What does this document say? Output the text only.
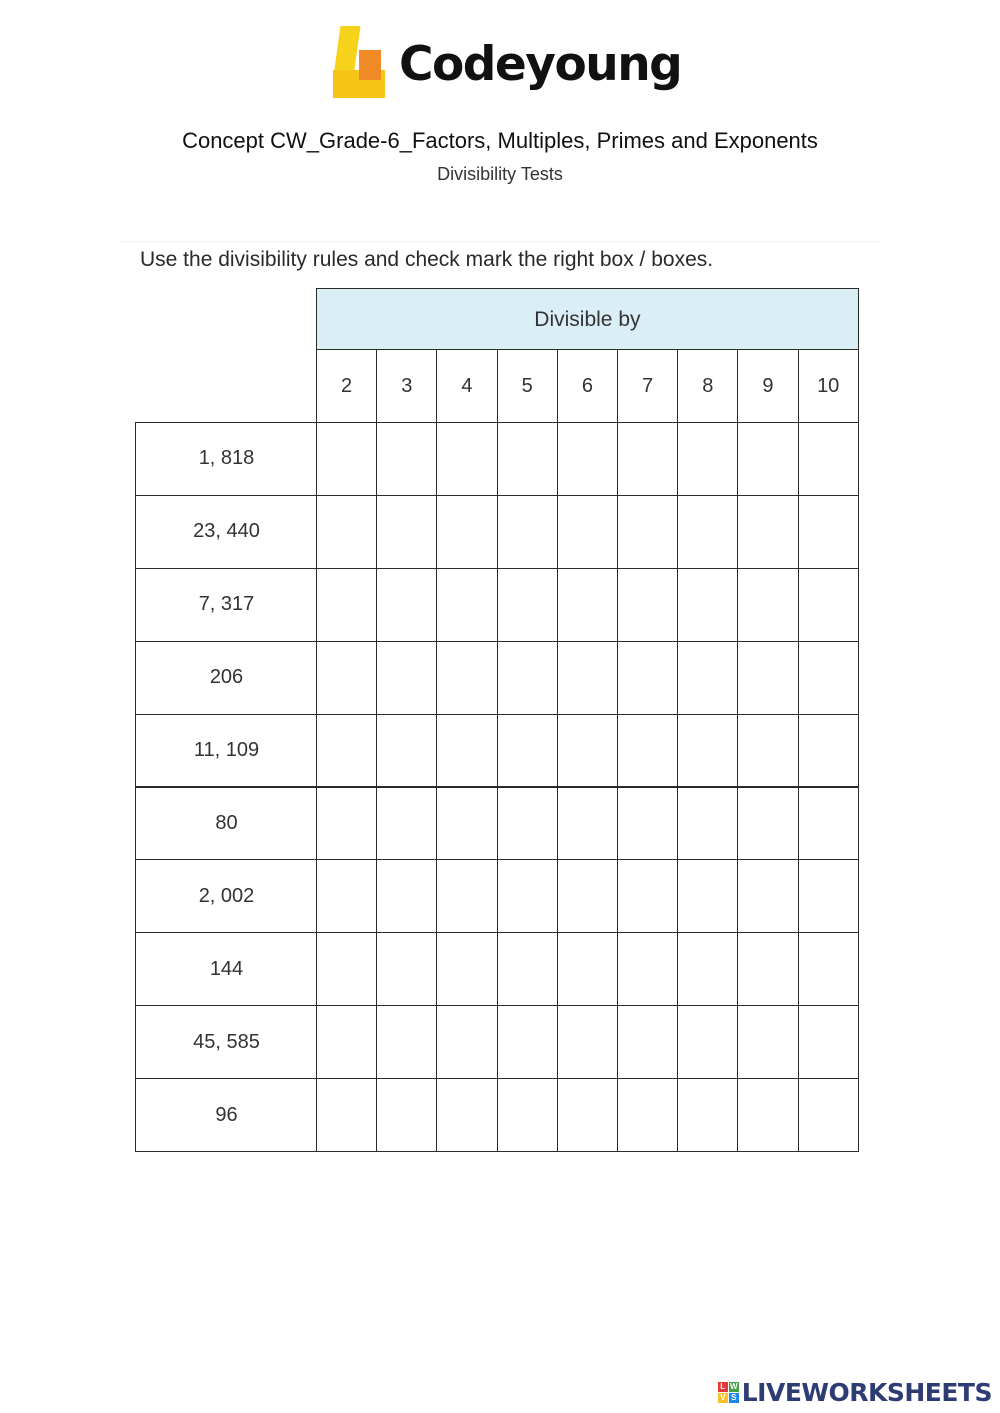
Codeyoung
Concept CW_Grade-6_Factors, Multiples, Primes and Exponents
Divisibility Tests
Use the divisibility rules and check mark the right box / boxes.
Divisible by
2	3	4	5	6	7	8	9	10
1, 818
23, 440
7, 317
206
11, 109
80
2, 002
144
45, 585
96
L W
V S LIVEWORKSHEETS
